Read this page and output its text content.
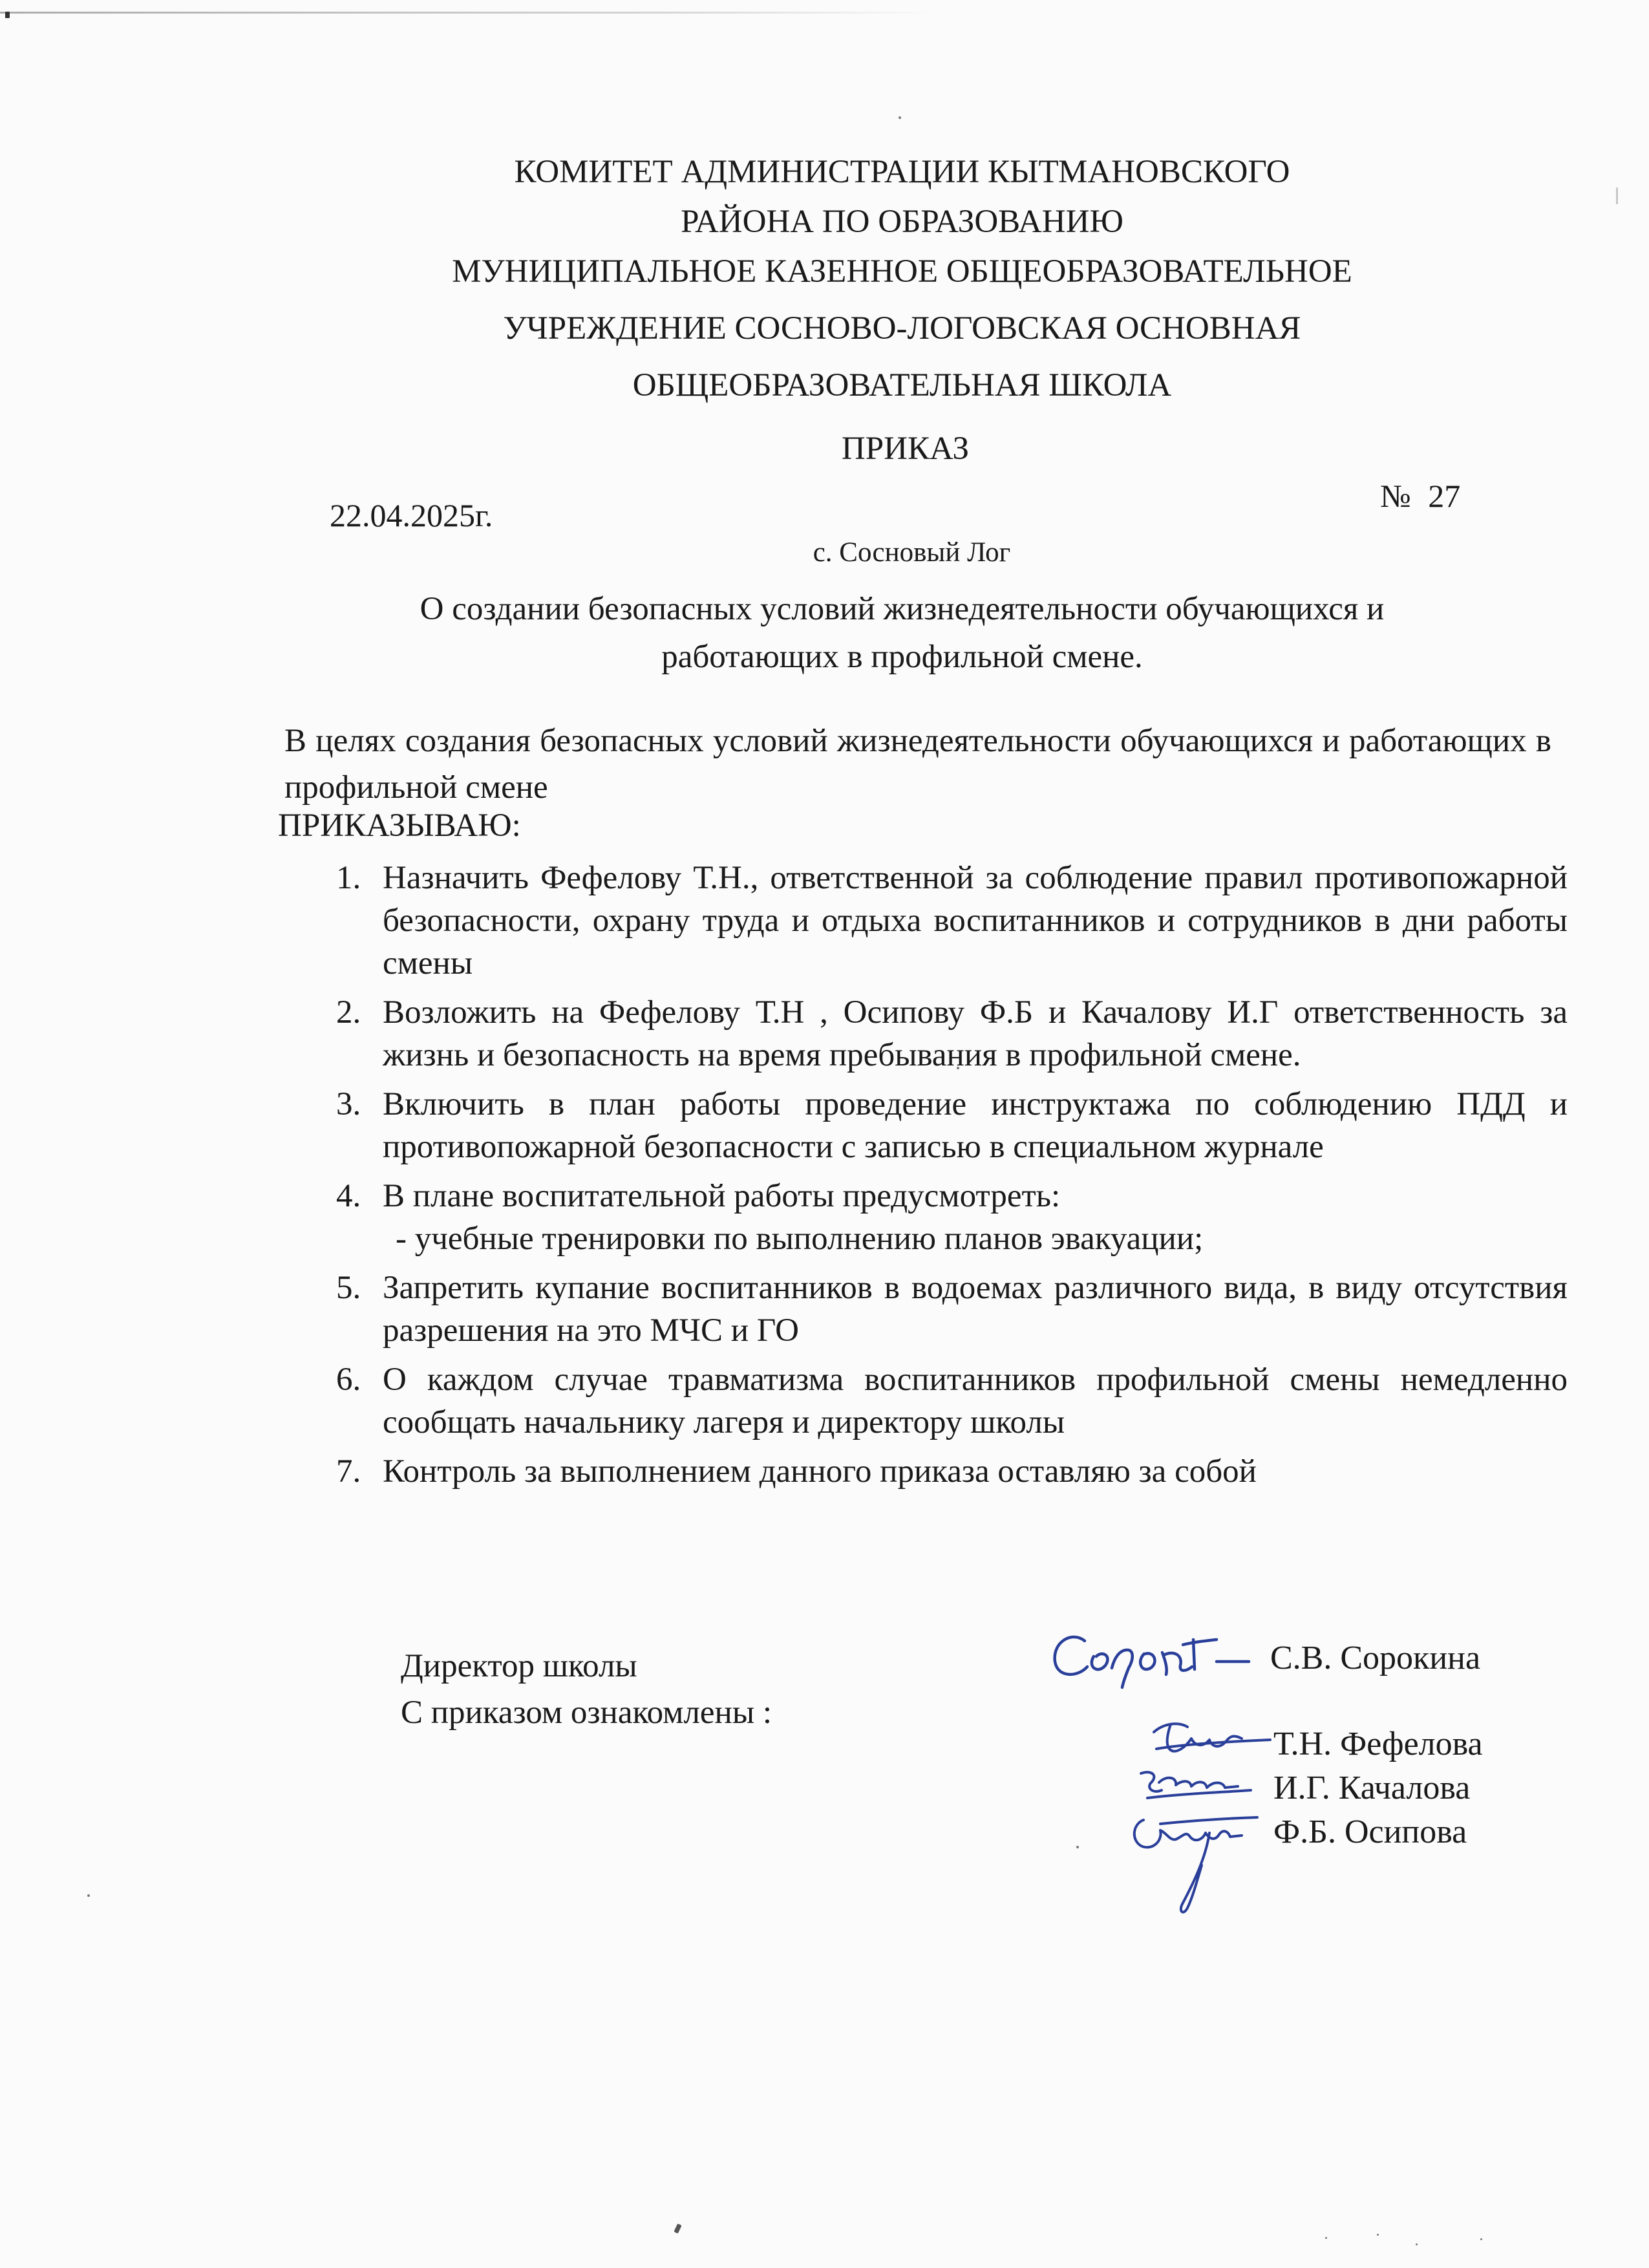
КОМИТЕТ АДМИНИСТРАЦИИ КЫТМАНОВСКОГО
РАЙОНА ПО ОБРАЗОВАНИЮ
МУНИЦИПАЛЬНОЕ КАЗЕННОЕ ОБЩЕОБРАЗОВАТЕЛЬНОЕ
УЧРЕЖДЕНИЕ СОСНОВО-ЛОГОВСКАЯ ОСНОВНАЯ
ОБЩЕОБРАЗОВАТЕЛЬНАЯ ШКОЛА
ПРИКАЗ
22.04.2025г.
№ 27
с. Сосновый Лог
О создании безопасных условий жизнедеятельности обучающихся и
работающих в профильной смене.
В целях создания безопасных условий жизнедеятельности обучающихся и работающих в профильной смене
ПРИКАЗЫВАЮ:
1. Назначить Фефелову Т.Н., ответственной за соблюдение правил противопожарной безопасности, охрану труда и отдыха воспитанников и сотрудников в дни работы смены
2. Возложить на Фефелову Т.Н , Осипову Ф.Б и Качалову И.Г ответственность за жизнь и безопасность на время пребывания в профильной смене.
3. Включить в план работы проведение инструктажа по соблюдению ПДД и противопожарной безопасности с записью в специальном журнале
4. В плане воспитательной работы предусмотреть:
- учебные тренировки по выполнению планов эвакуации;
5. Запретить купание воспитанников в водоемах различного вида, в виду отсутствия разрешения на это МЧС и ГО
6. О каждом случае травматизма воспитанников профильной смены немедленно сообщать начальнику лагеря и директору школы
7. Контроль за выполнением данного приказа оставляю за собой
Директор школы
С приказом ознакомлены :
С.В. Сорокина
Т.Н. Фефелова
И.Г. Качалова
Ф.Б. Осипова
